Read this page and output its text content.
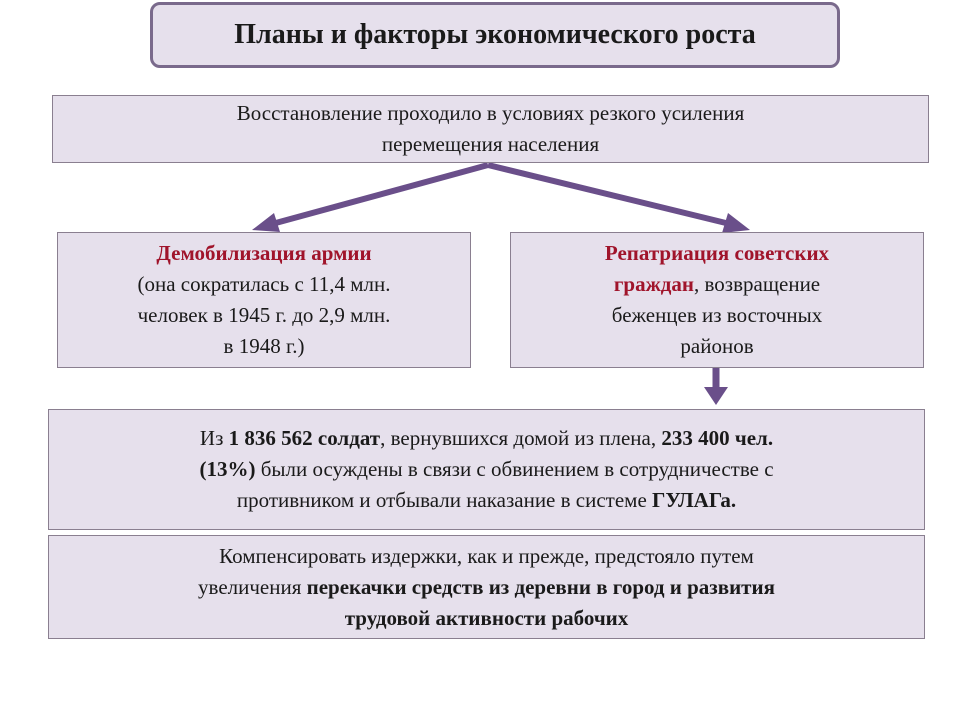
Планы и факторы экономического роста
Восстановление проходило в условиях резкого усиления
перемещения населения
Демобилизация армии
(она сократилась с 11,4 млн.
человек в 1945 г. до 2,9 млн.
в 1948 г.)
Репатриация советских
граждан, возвращение
беженцев из восточных
районов
Из 1 836 562 солдат, вернувшихся домой из плена, 233 400 чел.
(13%) были осуждены в связи с обвинением в сотрудничестве с
противником и отбывали наказание в системе ГУЛАГа.
Компенсировать издержки, как и прежде, предстояло путем
увеличения перекачки средств из деревни в город и развития
трудовой активности рабочих
